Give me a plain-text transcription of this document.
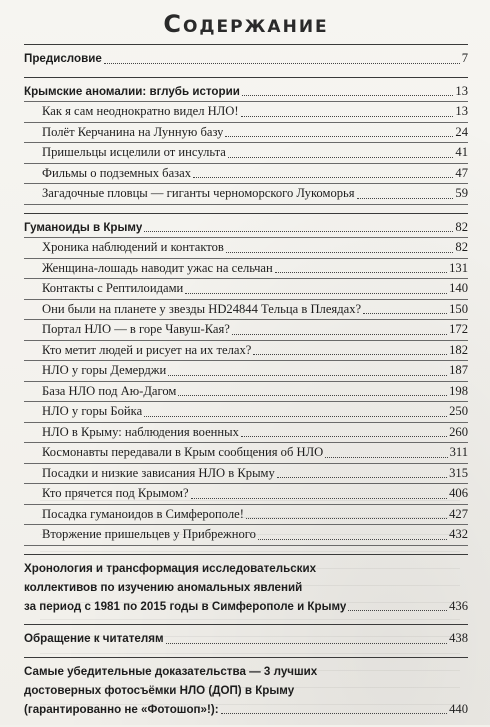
Содержание
Предисловие	7
Крымские аномалии: вглубь истории	13
Как я сам неоднократно видел НЛО!	13
Полёт Керчанина на Лунную базу	24
Пришельцы исцелили от инсульта	41
Фильмы о подземных базах	47
Загадочные пловцы — гиганты черноморского Лукоморья	59
Гуманоиды в Крыму	82
Хроника наблюдений и контактов	82
Женщина-лошадь наводит ужас на сельчан	131
Контакты с Рептилоидами	140
Они были на планете у звезды HD24844 Тельца в Плеядах?	150
Портал НЛО — в горе Чавуш-Кая?	172
Кто метит людей и рисует на их телах?	182
НЛО у горы Демерджи	187
База НЛО под Аю-Дагом	198
НЛО у горы Бойка	250
НЛО в Крыму: наблюдения военных	260
Космонавты передавали в Крым сообщения об НЛО	311
Посадки и низкие зависания НЛО в Крыму	315
Кто прячется под Крымом?	406
Посадка гуманоидов в Симферополе!	427
Вторжение пришельцев у Прибрежного	432
Хронология и трансформация исследовательских
коллективов по изучению аномальных явлений
за период с 1981 по 2015 годы в Симферополе и Крыму	436
Обращение к читателям	438
Самые убедительные доказательства — 3 лучших
достоверных фотосъёмки НЛО (ДОП) в Крыму
(гарантированно не «Фотошоп»!):	440
